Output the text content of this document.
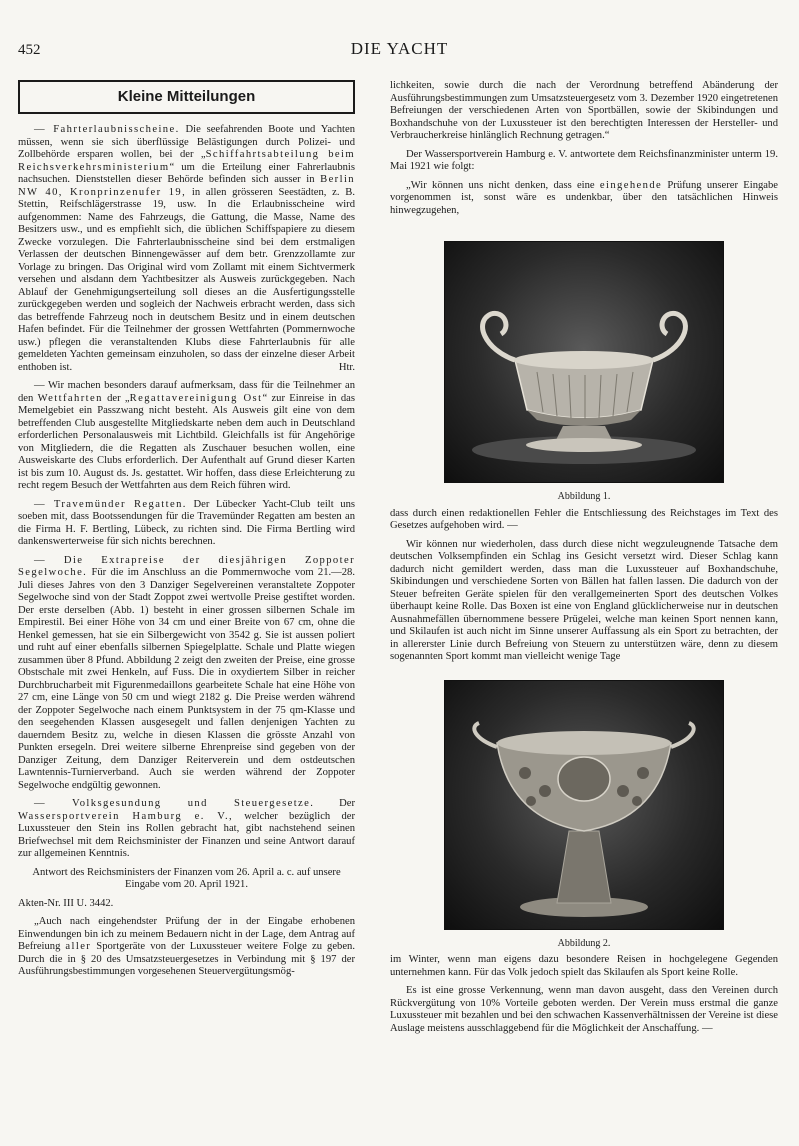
452	DIE YACHT
Kleine Mitteilungen

— Fahrterlaubnisscheine. Die seefahrenden Boote und Yachten müssen, wenn sie sich überflüssige Belästigungen durch Polizei- und Zollbehörde ersparen wollen, bei der „Schiffahrtsabteilung beim Reichsverkehrsministerium“ um die Erteilung einer Fahrerlaubnis nachsuchen. Dienststellen dieser Behörde befinden sich ausser in Berlin NW 40, Kronprinzenufer 19, in allen grösseren Seestädten, z. B. Stettin, Reifschlägerstrasse 19, usw. In die Erlaubnisscheine wird aufgenommen: Name des Fahrzeugs, die Gattung, die Masse, Name des Besitzers usw., und es empfiehlt sich, die üblichen Schiffspapiere zu diesem Zwecke vorzulegen. Die Fahrterlaubnisscheine sind bei dem erstmaligen Verlassen der deutschen Binnengewässer auf dem betr. Grenzzollamte zur Vorlage zu bringen. Das Original wird vom Zollamt mit einem Sichtvermerk versehen und alsdann dem Yachtbesitzer als Ausweis zurückgegeben. Nach Ablauf der Genehmigungserteilung soll dieses an die Ausfertigungsstelle zurückgegeben werden und sogleich der Nachweis erbracht werden, dass sich das betreffende Fahrzeug noch in deutschem Besitz und in einem deutschen Hafen befindet. Für die Teilnehmer der grossen Wettfahrten (Pommernwoche usw.) pflegen die veranstaltenden Klubs diese Fahrterlaubnis für alle gemeldeten Yachten gemeinsam einzuholen, so dass der einzelne dieser Arbeit enthoben ist.	Htr.

— Wir machen besonders darauf aufmerksam, dass für die Teilnehmer an den Wettfahrten der „Regattavereinigung Ost“ zur Einreise in das Memelgebiet ein Passzwang nicht besteht. Als Ausweis gilt eine von dem betreffenden Club ausgestellte Mitgliedskarte neben dem auch in Deutschland erforderlichen Personalausweis mit Lichtbild. Gleichfalls ist für Angehörige von Mitgliedern, die die Regatten als Zuschauer besuchen wollen, eine Ausweiskarte des Clubs erforderlich. Der Aufenthalt auf Grund dieser Karten ist bis zum 10. August ds. Js. gestattet. Wir hoffen, dass diese Erleichterung zu recht regem Besuch der Wettfahrten aus dem Reich führen wird.

— Travemünder Regatten. Der Lübecker Yacht-Club teilt uns soeben mit, dass Bootssendungen für die Travemünder Regatten am besten an die Firma H. F. Bertling, Lübeck, zu richten sind. Die Firma Bertling wird dankenswerterweise für sich nichts berechnen.

— Die Extrapreise der diesjährigen Zoppoter Segelwoche. Für die im Anschluss an die Pommernwoche vom 21.—28. Juli dieses Jahres von den 3 Danziger Segelvereinen veranstaltete Zoppoter Segelwoche sind von der Stadt Zoppot zwei wertvolle Preise gestiftet worden. Der erste derselben (Abb. 1) besteht in einer grossen silbernen Schale im Empirestil. Bei einer Höhe von 34 cm und einer Breite von 67 cm, ohne die Henkel gemessen, hat sie ein Silbergewicht von 3542 g. Sie ist aussen poliert und ruht auf einer ebenfalls silbernen Spiegelplatte. Schale und Platte wiegen zusammen über 8 Pfund. Abbildung 2 zeigt den zweiten der Preise, eine grosse Obstschale mit zwei Henkeln, auf Fuss. Die in oxydiertem Silber in reicher Durchbrucharbeit mit Figurenmedaillons gearbeitete Schale hat eine Höhe von 27 cm, eine Länge von 50 cm und wiegt 2182 g. Die Preise werden während der Zoppoter Segelwoche nach einem Punktsystem in der 75 qm-Klasse und den seegehenden Klassen ausgesegelt und fallen denjenigen Yachten zu dauerndem Besitz zu, welche in diesen Klassen die grösste Anzahl von Punkten ersegeln. Drei weitere silberne Ehrenpreise sind gegeben von der Danziger Zeitung, dem Danziger Reiterverein und dem ostdeutschen Lawntennis-Turnierverband. Auch sie werden während der Zoppoter Segelwoche endgültig gewonnen.

— Volksgesundung und Steuergesetze. Der Wassersportverein Hamburg e. V., welcher bezüglich der Luxussteuer den Stein ins Rollen gebracht hat, gibt nachstehend seinen Briefwechsel mit dem Reichsminister der Finanzen und seine Antwort darauf zur allgemeinen Kenntnis.

Antwort des Reichsministers der Finanzen vom 26. April a. c. auf unsere Eingabe vom 20. April 1921.

Akten-Nr. III U. 3442.

„Auch nach eingehendster Prüfung der in der Eingabe erhobenen Einwendungen bin ich zu meinem Bedauern nicht in der Lage, dem Antrag auf Befreiung aller Sportgeräte von der Luxussteuer weitere Folge zu geben. Durch die in § 20 des Umsatzsteuergesetzes in Verbindung mit § 197 der Ausführungsbestimmungen vorgesehenen Steuervergütungsmög-

lichkeiten, sowie durch die nach der Verordnung betreffend Abänderung der Ausführungsbestimmungen zum Umsatzsteuergesetz vom 3. Dezember 1920 eingetretenen Befreiungen der verschiedenen Arten von Sportbällen, sowie der Skibindungen und Boxhandschuhe von der Luxussteuer ist den berechtigten Interessen der Hersteller- und Verbraucherkreise hinlänglich Rechnung getragen.“

Der Wassersportverein Hamburg e. V. antwortete dem Reichsfinanzminister unterm 19. Mai 1921 wie folgt:

„Wir können uns nicht denken, dass eine eingehende Prüfung unserer Eingabe vorgenommen ist, sonst wäre es undenkbar, über den tatsächlichen Hinweis hinwegzugehen,

Abbildung 1.

dass durch einen redaktionellen Fehler die Entschliessung des Reichstages im Text des Gesetzes aufgehoben wird. —

Wir können nur wiederholen, dass durch diese nicht wegzuleugnende Tatsache dem deutschen Volksempfinden ein Schlag ins Gesicht versetzt wird. Dieser Schlag kann dadurch nicht gemildert werden, dass man die Luxussteuer auf Boxhandschuhe, Skibindungen und verschiedene Sorten von Bällen hat fallen lassen. Die dadurch von der Steuer befreiten Geräte spielen für den verallgemeinerten Sport des deutschen Volkes überhaupt keine Rolle. Das Boxen ist eine von England glücklicherweise nur in deutschen Ausnahmefällen übernommene bessere Prügelei, welche man keinen Sport nennen kann, und Skilaufen ist auch nicht im Sinne unserer Auffassung als ein Sport zu betrachten, der in allererster Linie durch Befreiung von Steuern zu unterstützen wäre, denn zu diesem sogenannten Sport kommt man vielleicht wenige Tage

Abbildung 2.

im Winter, wenn man eigens dazu besondere Reisen in hochgelegene Gegenden unternehmen kann. Für das Volk jedoch spielt das Skilaufen als Sport keine Rolle.

Es ist eine grosse Verkennung, wenn man davon ausgeht, dass den Vereinen durch Rückvergütung von 10% Vorteile geboten werden. Der Verein muss erstmal die ganze Luxussteuer mit bezahlen und bei den schwachen Kassenverhältnissen der Vereine ist diese Auslage meistens ausschlaggebend für die Möglichkeit der Anschaffung. —
